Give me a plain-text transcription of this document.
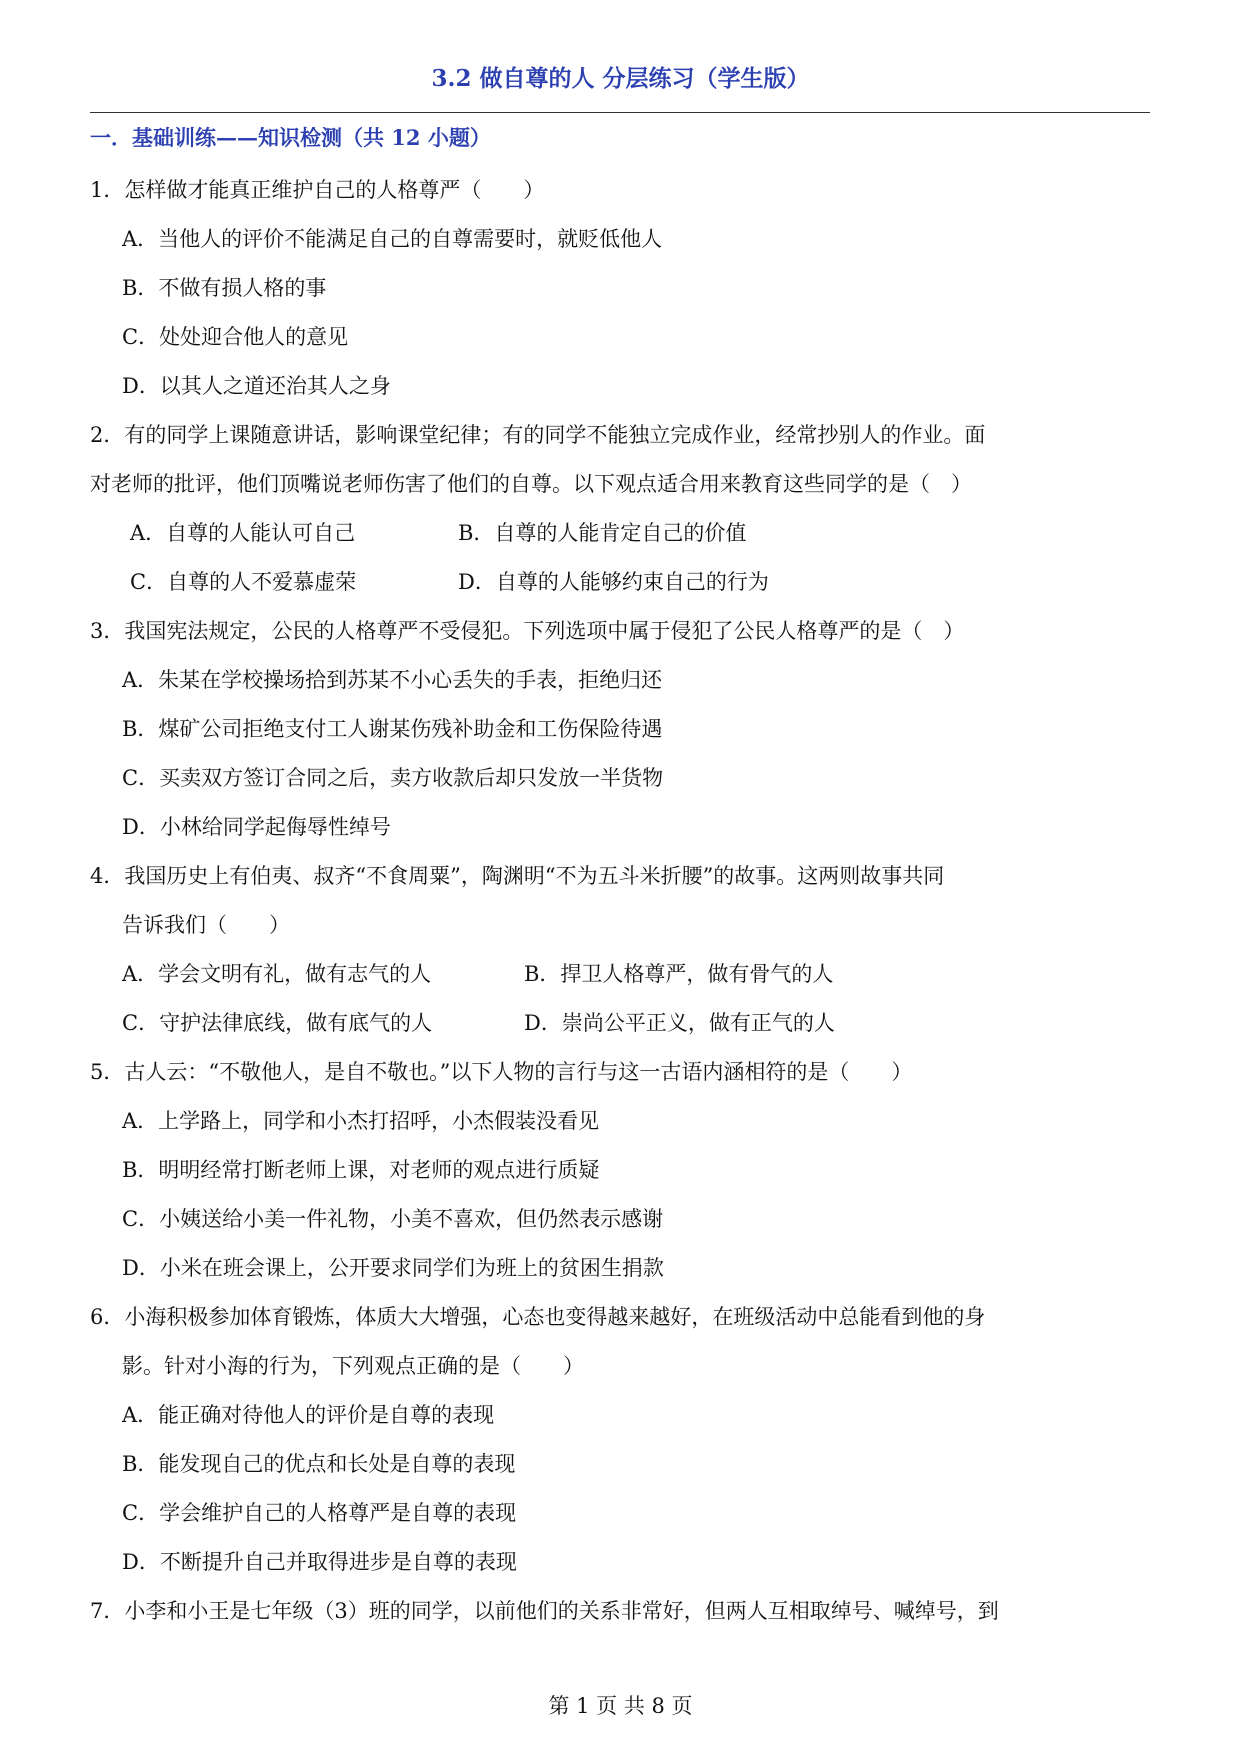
3.2 做自尊的人 分层练习（学生版）
一．基础训练——知识检测（共 12 小题）
1．怎样做才能真正维护自己的人格尊严（　　）
A．当他人的评价不能满足自己的自尊需要时，就贬低他人
B．不做有损人格的事
C．处处迎合他人的意见
D．以其人之道还治其人之身
2．有的同学上课随意讲话，影响课堂纪律；有的同学不能独立完成作业，经常抄别人的作业。面
对老师的批评，他们顶嘴说老师伤害了他们的自尊。以下观点适合用来教育这些同学的是（　）
A．自尊的人能认可自己	B．自尊的人能肯定自己的价值
C．自尊的人不爱慕虚荣	D．自尊的人能够约束自己的行为
3．我国宪法规定，公民的人格尊严不受侵犯。下列选项中属于侵犯了公民人格尊严的是（　）
A．朱某在学校操场拾到苏某不小心丢失的手表，拒绝归还
B．煤矿公司拒绝支付工人谢某伤残补助金和工伤保险待遇
C．买卖双方签订合同之后，卖方收款后却只发放一半货物
D．小林给同学起侮辱性绰号
4．我国历史上有伯夷、叔齐“不食周粟”，陶渊明“不为五斗米折腰”的故事。这两则故事共同
告诉我们（　　）
A．学会文明有礼，做有志气的人	B．捍卫人格尊严，做有骨气的人
C．守护法律底线，做有底气的人	D．崇尚公平正义，做有正气的人
5．古人云：“不敬他人，是自不敬也。”以下人物的言行与这一古语内涵相符的是（　　）
A．上学路上，同学和小杰打招呼，小杰假装没看见
B．明明经常打断老师上课，对老师的观点进行质疑
C．小姨送给小美一件礼物，小美不喜欢，但仍然表示感谢
D．小米在班会课上，公开要求同学们为班上的贫困生捐款
6．小海积极参加体育锻炼，体质大大增强，心态也变得越来越好，在班级活动中总能看到他的身
影。针对小海的行为，下列观点正确的是（　　）
A．能正确对待他人的评价是自尊的表现
B．能发现自己的优点和长处是自尊的表现
C．学会维护自己的人格尊严是自尊的表现
D．不断提升自己并取得进步是自尊的表现
7．小李和小王是七年级（3）班的同学，以前他们的关系非常好，但两人互相取绰号、喊绰号，到
第 1 页 共 8 页
